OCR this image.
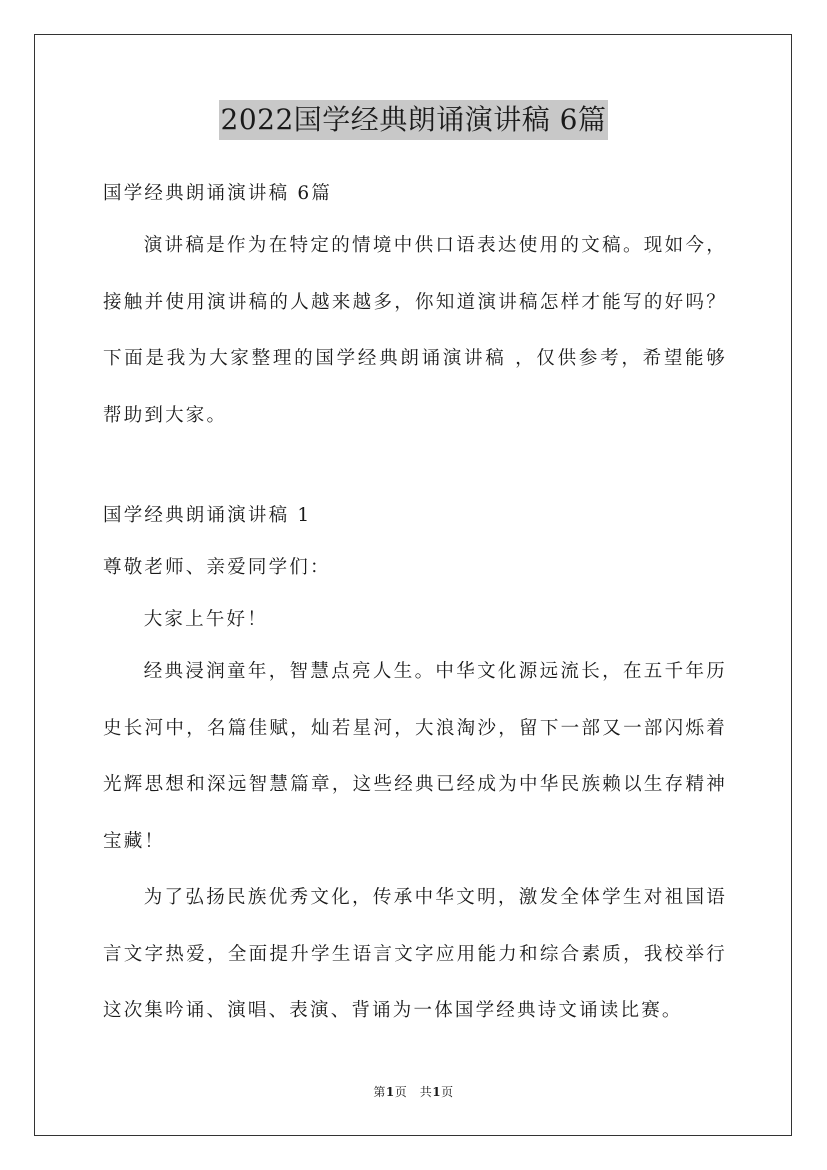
2022国学经典朗诵演讲稿 6篇
国学经典朗诵演讲稿 6篇
演讲稿是作为在特定的情境中供口语表达使用的文稿。现如今，接触并使用演讲稿的人越来越多，你知道演讲稿怎样才能写的好吗？下面是我为大家整理的国学经典朗诵演讲稿 ，仅供参考，希望能够帮助到大家。
国学经典朗诵演讲稿 1
尊敬老师、亲爱同学们：
大家上午好！
经典浸润童年，智慧点亮人生。中华文化源远流长，在五千年历史长河中，名篇佳赋，灿若星河，大浪淘沙，留下一部又一部闪烁着光辉思想和深远智慧篇章，这些经典已经成为中华民族赖以生存精神宝藏！
为了弘扬民族优秀文化，传承中华文明，激发全体学生对祖国语言文字热爱，全面提升学生语言文字应用能力和综合素质，我校举行这次集吟诵、演唱、表演、背诵为一体国学经典诗文诵读比赛。
第1页　共1页
